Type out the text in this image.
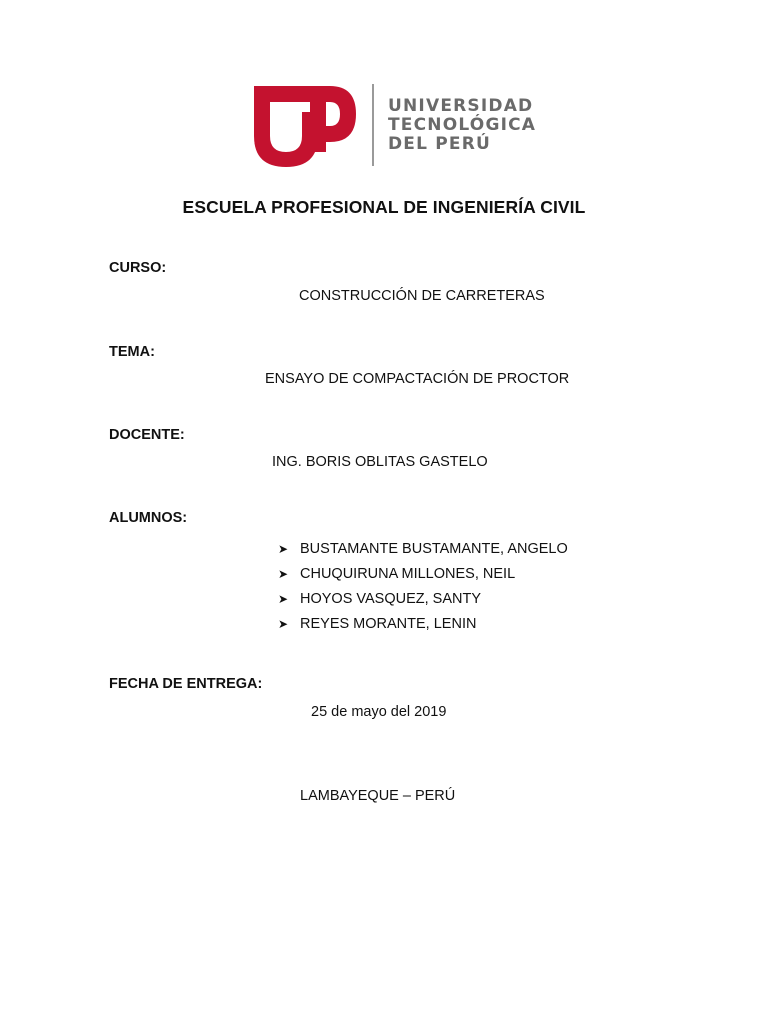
UNIVERSIDAD
TECNOLÓGICA
DEL PERÚ
ESCUELA PROFESIONAL DE INGENIERÍA CIVIL
CURSO:
CONSTRUCCIÓN DE CARRETERAS
TEMA:
ENSAYO DE COMPACTACIÓN DE PROCTOR
DOCENTE:
ING. BORIS OBLITAS GASTELO
ALUMNOS:
➤ BUSTAMANTE BUSTAMANTE, ANGELO
➤ CHUQUIRUNA MILLONES, NEIL
➤ HOYOS VASQUEZ, SANTY
➤ REYES MORANTE, LENIN
FECHA DE ENTREGA:
25 de mayo del 2019
LAMBAYEQUE – PERÚ
